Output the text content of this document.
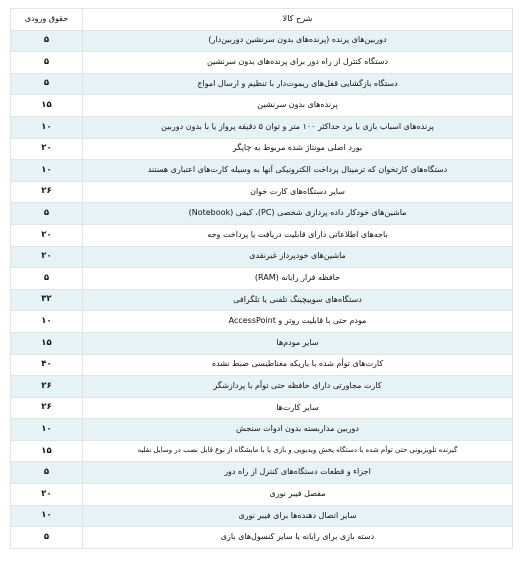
شرح کالا	حقوق ورودی
دوربین‌های پرنده (پرنده‌های بدون سرنشین دوربین‌دار)	۵
دستگاه کنترل از راه دور برای پرنده‌های بدون سرنشین	۵
دستگاه بازگشایی قفل‌های ریموت‌دار با تنظیم و ارسال امواج	۵
پرنده‌های بدون سرنشین	۱۵
پرنده‌های اسباب بازی با برد حداکثر ۱۰۰ متر و توان ۵ دقیقه پرواز یا با بدون دوربین	۱۰
بورد اصلی مونتاژ شده مربوط به چاپگر	۲۰
دستگاه‌های کارتخوان که ترمینال پرداخت الکترونیکی آنها به وسیله کارت‌های اعتباری هستند	۱۰
سایر دستگاه‌های کارت خوان	۲۶
ماشین‌های خودکار داده پردازی شخصی (PC)، کیفی (Notebook)	۵
باجه‌های اطلاعاتی دارای قابلیت دریافت یا پرداخت وجه	۲۰
ماشین‌های خودپرداز غیرنقدی	۲۰
حافظه قرار رایانه (RAM)	۵
دستگاه‌های سوییچینگ تلفنی یا تلگرافی	۳۲
مودم حتی با قابلیت روتر و AccessPoint	۱۰
سایر مودم‌ها	۱۵
کارت‌های توأم شده با باریکه مغناطیسی ضبط نشده	۴۰
کارت مجاورتی دارای حافظه حتی توأم با پردازشگر	۲۶
سایر کارت‌ها	۲۶
دوربین مداربسته بدون ادوات سنجش	۱۰
گیرنده تلویزیونی حتی توأم شده با دستگاه پخش ویدیویی و بازی یا با مایشگاه از نوع قابل نصب در وسایل نقلیه	۱۵
اجزاء و قطعات دستگاه‌های کنترل از راه دور	۵
مفصل فیبر نوری	۲۰
سایر اتصال دهنده‌ها برای فیبر نوری	۱۰
دسته بازی برای رایانه یا سایر کنسول‌های بازی	۵
